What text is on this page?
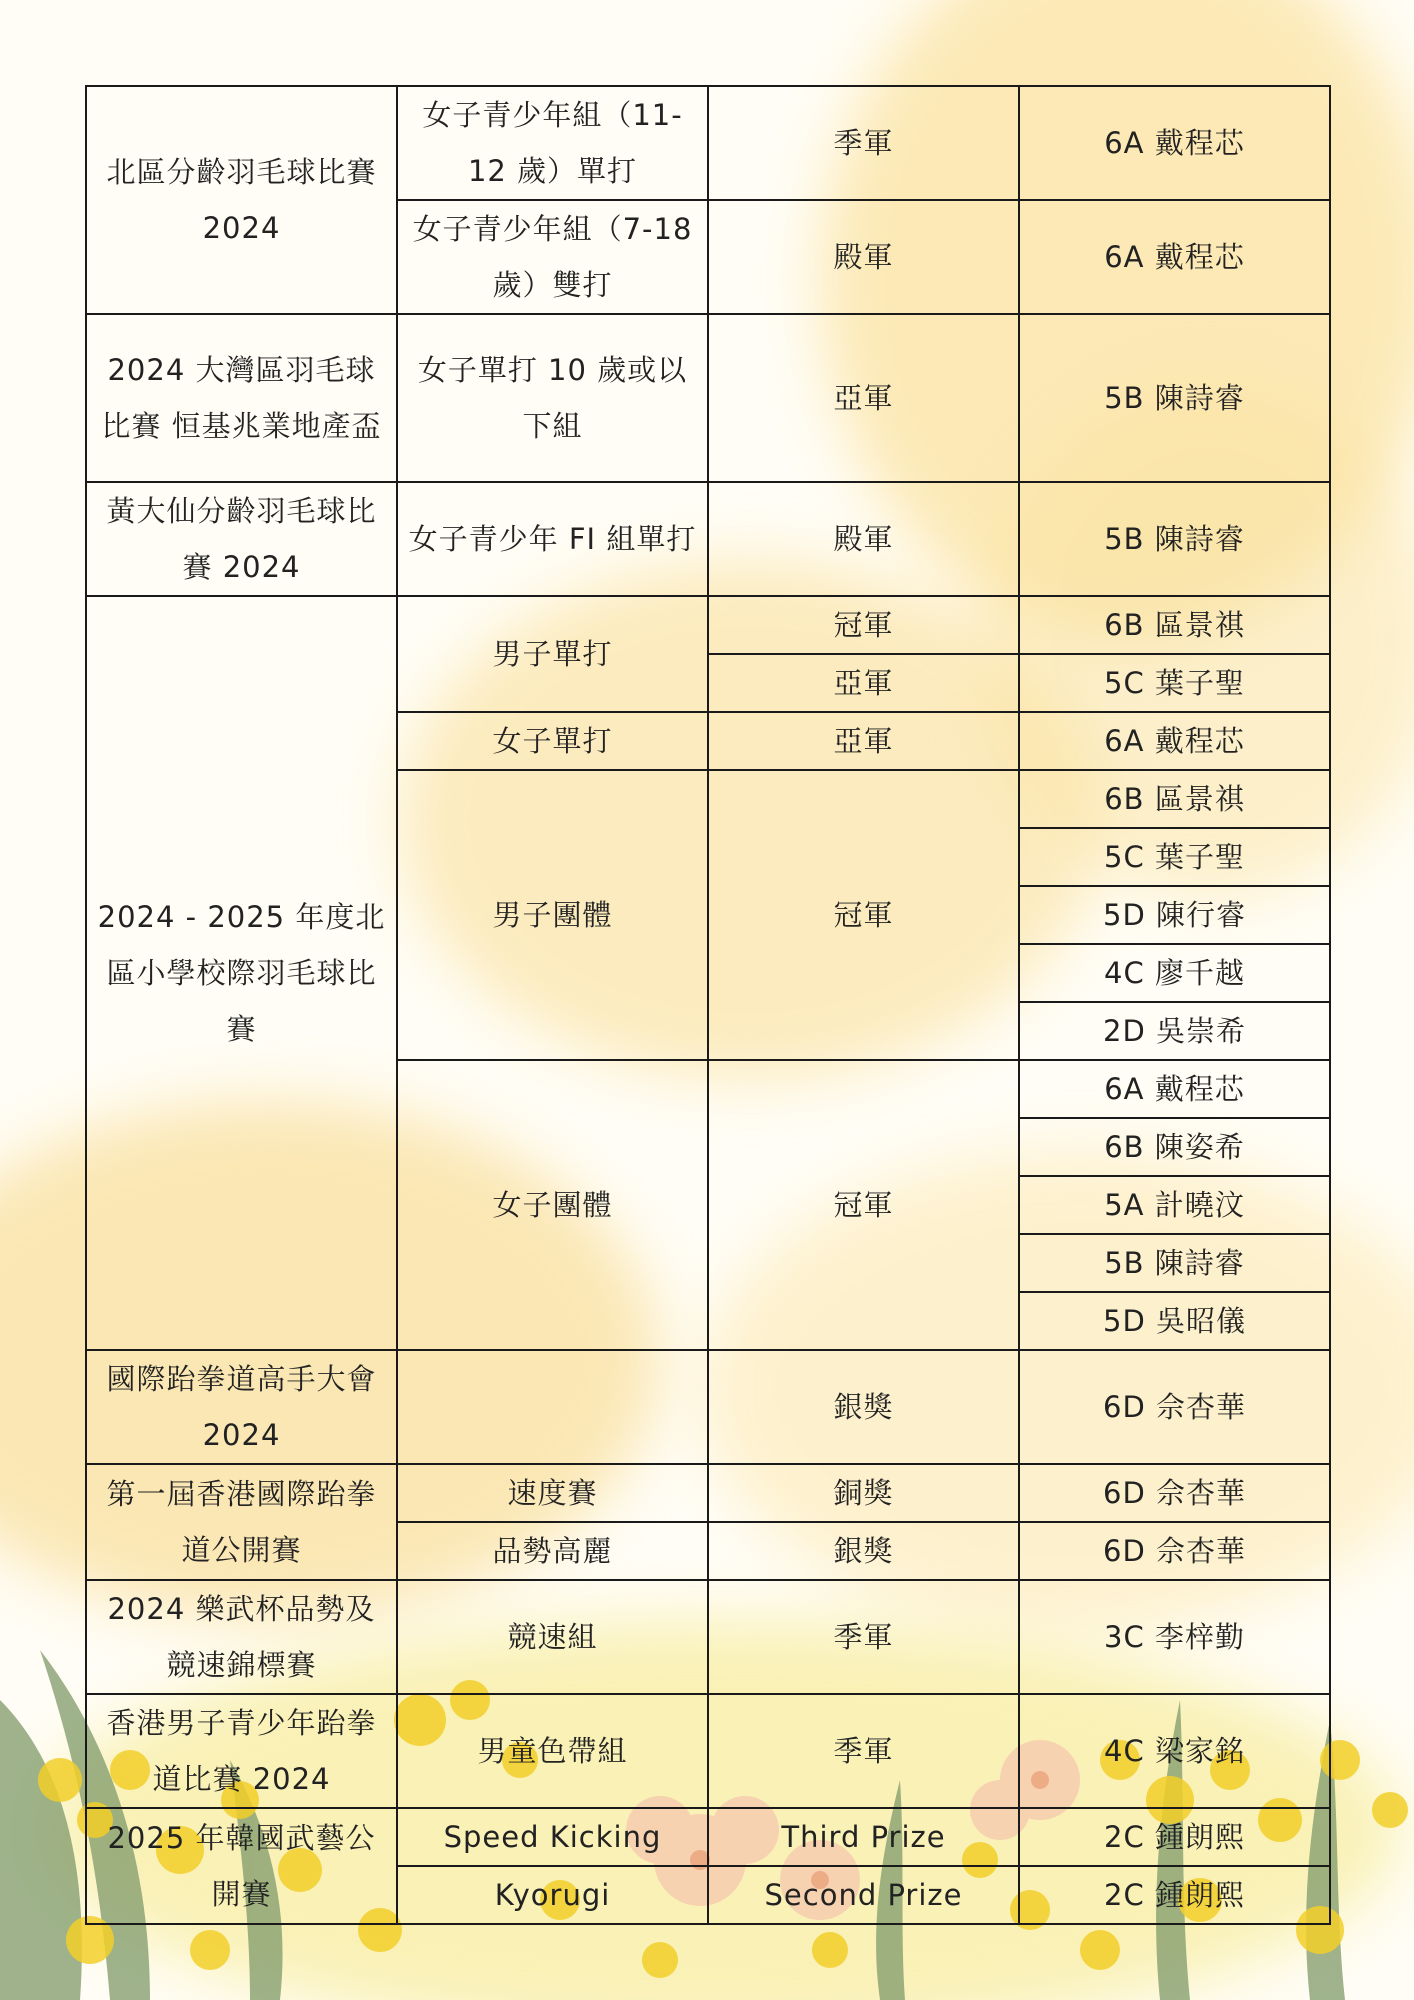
北區分齡羽毛球比賽 2024	女子青少年組（11-12 歲）單打	季軍	6A 戴程芯

	女子青少年組（7-18 歲）雙打	殿軍	6A 戴程芯

2024 大灣區羽毛球比賽 恒基兆業地產盃	女子單打 10 歲或以下組	亞軍	5B 陳詩睿

黃大仙分齡羽毛球比賽 2024	女子青少年 FI 組單打	殿軍	5B 陳詩睿

2024 - 2025 年度北區小學校際羽毛球比賽	男子單打	冠軍	6B 區景祺
		亞軍	5C 葉子聖
	女子單打	亞軍	6A 戴程芯
	男子團體	冠軍	6B 區景祺
			5C 葉子聖
			5D 陳行睿
			4C 廖千越
			2D 吳崇希
	女子團體	冠軍	6A 戴程芯
			6B 陳姿希
			5A 計曉汶
			5B 陳詩睿
			5D 吳昭儀
國際跆拳道高手大會 2024		銀獎	6D 佘杏華

第一屆香港國際跆拳道公開賽	速度賽	銅獎	6D 佘杏華
	品勢高麗	銀獎	6D 佘杏華
2024 樂武杯品勢及競速錦標賽	競速組	季軍	3C 李梓勤

香港男子青少年跆拳道比賽 2024	男童色帶組	季軍	4C 梁家銘

2025 年韓國武藝公開賽	Speed Kicking	Third Prize	2C 鍾朗熙
	Kyorugi	Second Prize	2C 鍾朗熙
